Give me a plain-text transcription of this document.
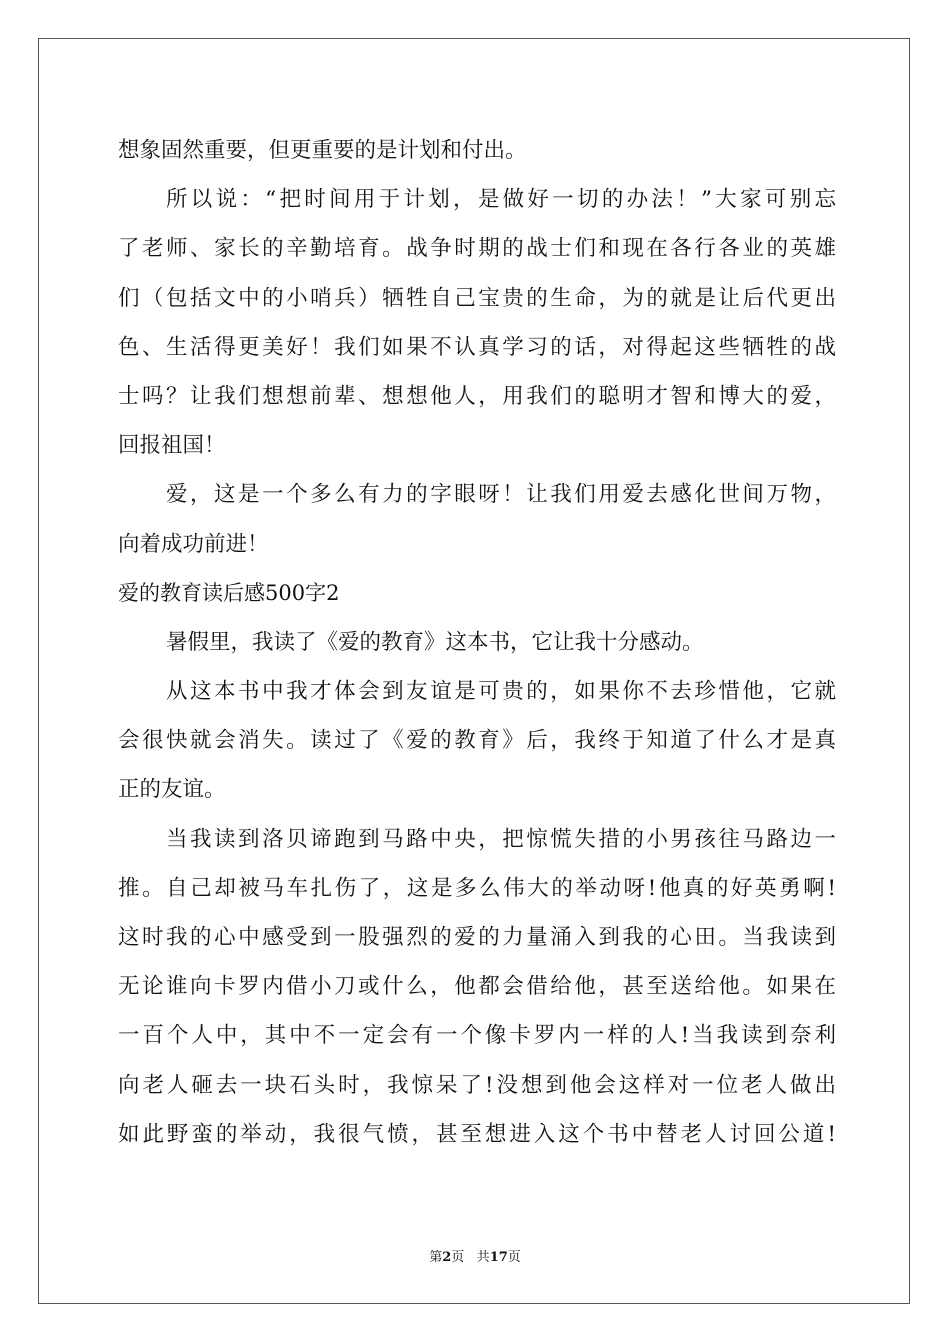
想象固然重要，但更重要的是计划和付出。
所以说：“把时间用于计划，是做好一切的办法！”大家可别忘
了老师、家长的辛勤培育。战争时期的战士们和现在各行各业的英雄
们（包括文中的小哨兵）牺牲自己宝贵的生命，为的就是让后代更出
色、生活得更美好！我们如果不认真学习的话，对得起这些牺牲的战
士吗？让我们想想前辈、想想他人，用我们的聪明才智和博大的爱，
回报祖国！
爱，这是一个多么有力的字眼呀！让我们用爱去感化世间万物，
向着成功前进！
爱的教育读后感500字2
暑假里，我读了《爱的教育》这本书，它让我十分感动。
从这本书中我才体会到友谊是可贵的，如果你不去珍惜他，它就
会很快就会消失。读过了《爱的教育》后，我终于知道了什么才是真
正的友谊。
当我读到洛贝谛跑到马路中央，把惊慌失措的小男孩往马路边一
推。自己却被马车扎伤了，这是多么伟大的举动呀!他真的好英勇啊!
这时我的心中感受到一股强烈的爱的力量涌入到我的心田。当我读到
无论谁向卡罗内借小刀或什么，他都会借给他，甚至送给他。如果在
一百个人中，其中不一定会有一个像卡罗内一样的人!当我读到奈利
向老人砸去一块石头时，我惊呆了!没想到他会这样对一位老人做出
如此野蛮的举动，我很气愤，甚至想进入这个书中替老人讨回公道!
第2页 共17页
